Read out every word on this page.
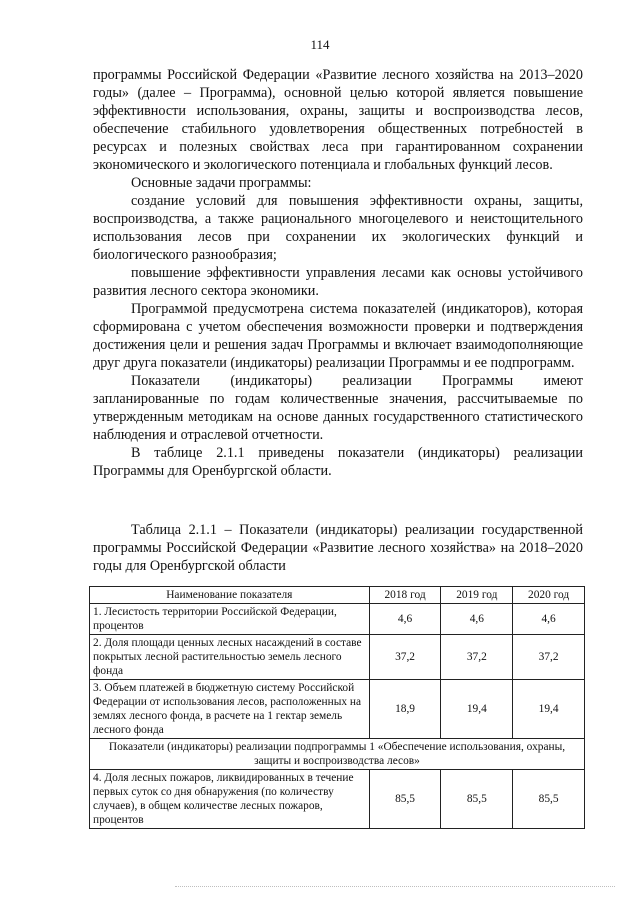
114

программы Российской Федерации «Развитие лесного хозяйства на 2013–2020 годы» (далее – Программа), основной целью которой является повышение эффективности использования, охраны, защиты и воспроизводства лесов, обеспечение стабильного удовлетворения общественных потребностей в ресурсах и полезных свойствах леса при гарантированном сохранении экономического и экологического потенциала и глобальных функций лесов.

Основные задачи программы:

создание условий для повышения эффективности охраны, защиты, воспроизводства, а также рационального многоцелевого и неистощительного использования лесов при сохранении их экологических функций и биологического разнообразия;

повышение эффективности управления лесами как основы устойчивого развития лесного сектора экономики.

Программой предусмотрена система показателей (индикаторов), которая сформирована с учетом обеспечения возможности проверки и подтверждения достижения цели и решения задач Программы и включает взаимодополняющие друг друга показатели (индикаторы) реализации Программы и ее подпрограмм.

Показатели (индикаторы) реализации Программы имеют запланированные по годам количественные значения, рассчитываемые по утвержденным методикам на основе данных государственного статистического наблюдения и отраслевой отчетности.

В таблице 2.1.1 приведены показатели (индикаторы) реализации Программы для Оренбургской области.

Таблица 2.1.1 – Показатели (индикаторы) реализации государственной программы Российской Федерации «Развитие лесного хозяйства» на 2018–2020 годы для Оренбургской области
Наименование показателя	2018 год	2019 год	2020 год
1. Лесистость территории Российской Федерации, процентов	4,6	4,6	4,6
2. Доля площади ценных лесных насаждений в составе покрытых лесной растительностью земель лесного фонда	37,2	37,2	37,2
3. Объем платежей в бюджетную систему Российской Федерации от использования лесов, расположенных на землях лесного фонда, в расчете на 1 гектар земель лесного фонда	18,9	19,4	19,4
Показатели (индикаторы) реализации подпрограммы 1 «Обеспечение использования, охраны, защиты и воспроизводства лесов»			
4. Доля лесных пожаров, ликвидированных в течение первых суток со дня обнаружения (по количеству случаев), в общем количестве лесных пожаров, процентов	85,5	85,5	85,5
